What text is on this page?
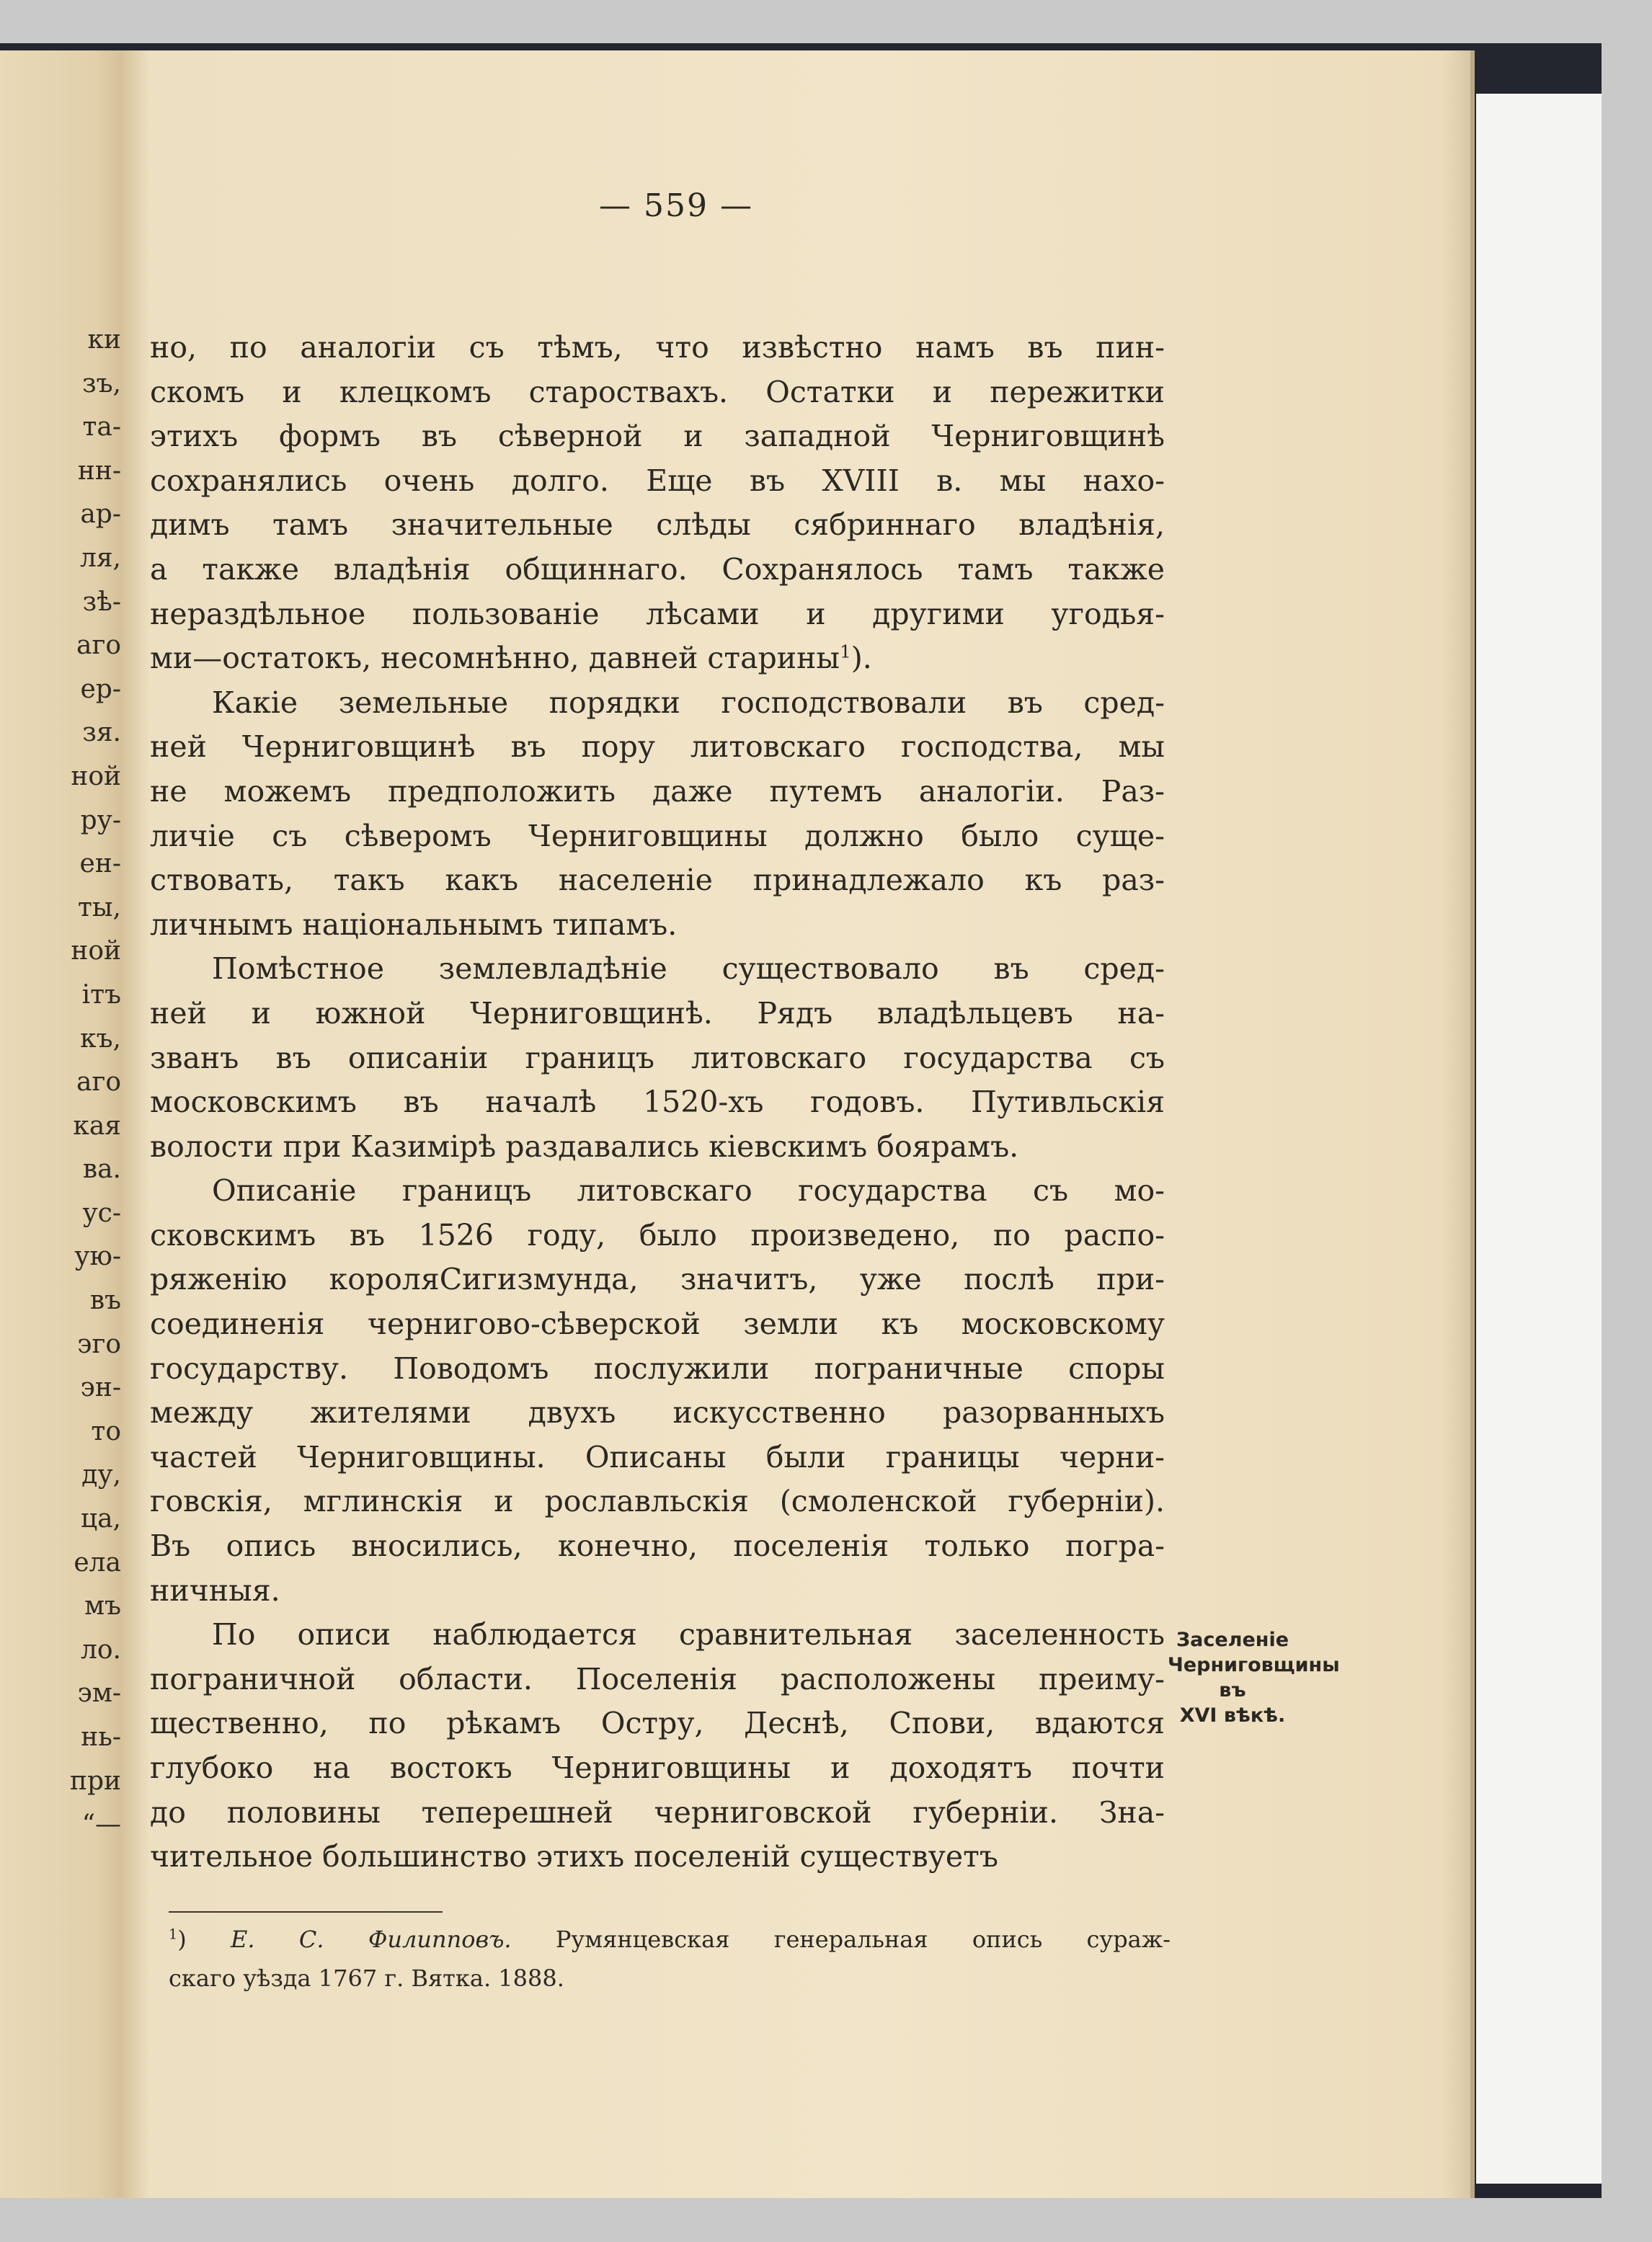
ки
зъ,
та-
нн-
ар-
ля,
зѣ-
аго
ер-
зя.
ной
ру-
ен-
ты,
ной
ітъ
къ,
аго
кая
ва.
ус-
ую-
въ
эго
эн-
то
ду,
ца,
ела
мъ
ло.
эм-
нь-
при
“—
— 559 —
но, по аналогіи съ тѣмъ, что извѣстно намъ въ пин-
скомъ и клецкомъ староствахъ. Остатки и пережитки
этихъ формъ въ сѣверной и западной Черниговщинѣ
сохранялись очень долго. Еще въ XVIII в. мы нахо-
димъ тамъ значительные слѣды сябриннаго владѣнія,
а также владѣнія общиннаго. Сохранялось тамъ также
нераздѣльное пользованіе лѣсами и другими угодья-
ми—остатокъ, несомнѣнно, давней старины$^1$).
Какіе земельные порядки господствовали въ сред-
ней Черниговщинѣ въ пору литовскаго господства, мы
не можемъ предположить даже путемъ аналогіи. Раз-
личіе съ сѣверомъ Черниговщины должно было суще-
ствовать, такъ какъ населеніе принадлежало къ раз-
личнымъ національнымъ типамъ.
Помѣстное землевладѣніе существовало въ сред-
ней и южной Черниговщинѣ. Рядъ владѣльцевъ на-
званъ въ описаніи границъ литовскаго государства съ
московскимъ въ началѣ 1520-хъ годовъ. Путивльскія
волости при Казимірѣ раздавались кіевскимъ боярамъ.
Описаніе границъ литовскаго государства съ мо-
сковскимъ въ 1526 году, было произведено, по распо-
ряженію короляСигизмунда, значитъ, уже послѣ при-
соединенія чернигово-сѣверской земли къ московскому
государству. Поводомъ послужили пограничные споры
между жителями двухъ искусственно разорванныхъ
частей Черниговщины. Описаны были границы черни-
говскія, мглинскія и рославльскія (смоленской губерніи).
Въ опись вносились, конечно, поселенія только погра-
ничныя.
По описи наблюдается сравнительная заселенность
пограничной области. Поселенія расположены преиму-
щественно, по рѣкамъ Остру, Деснѣ, Спови, вдаются
глубоко на востокъ Черниговщины и доходятъ почти
до половины теперешней черниговской губерніи. Зна-
чительное большинство этихъ поселеній существуетъ
Заселеніе
Черниговщины въ
XVI вѣкѣ.
$^1$) Е. С. Филипповъ. Румянцевская генеральная опись сураж-
скаго уѣзда 1767 г. Вятка. 1888.
